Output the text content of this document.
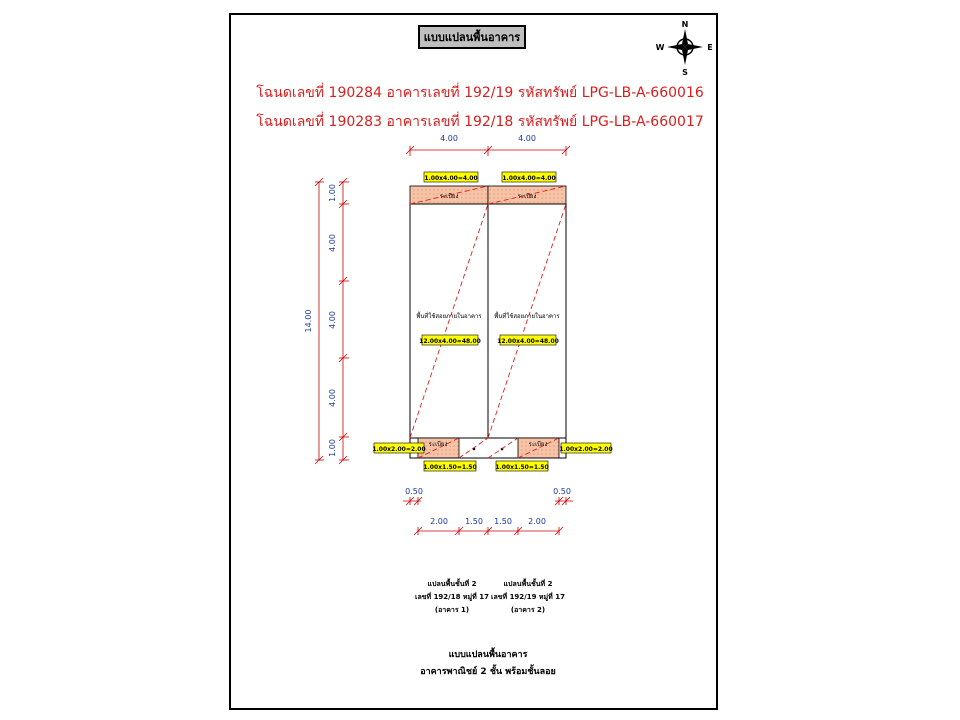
แบบแปลนพื้นอาคาร
โฉนดเลขที่ 190284 อาคารเลขที่ 192/19 รหัสทรัพย์ LPG-LB-A-660016
โฉนดเลขที่ 190283 อาคารเลขที่ 192/18 รหัสทรัพย์ LPG-LB-A-660017
N
S
E
W
4.00	4.00
1.00
4.00
4.00
4.00
1.00
14.00
1.00x4.00=4.00	1.00x4.00=4.00
ระเบียง	ระเบียง
พื้นที่ใช้สอยภายในอาคาร พื้นที่ใช้สอยภายในอาคาร
12.00x4.00=48.00	12.00x4.00=48.00
ระเบียง	ระเบียง
1.00x2.00=2.00	1.00x2.00=2.00
1.00x1.50=1.50	1.00x1.50=1.50
0.50	0.50
2.00 1.50 1.50 2.00
แปลนพื้นชั้นที่ 2
เลขที่ 192/18 หมู่ที่ 17
(อาคาร 1)
แปลนพื้นชั้นที่ 2
เลขที่ 192/19 หมู่ที่ 17
(อาคาร 2)
แบบแปลนพื้นอาคาร
อาคารพาณิชย์ 2 ชั้น พร้อมชั้นลอย
